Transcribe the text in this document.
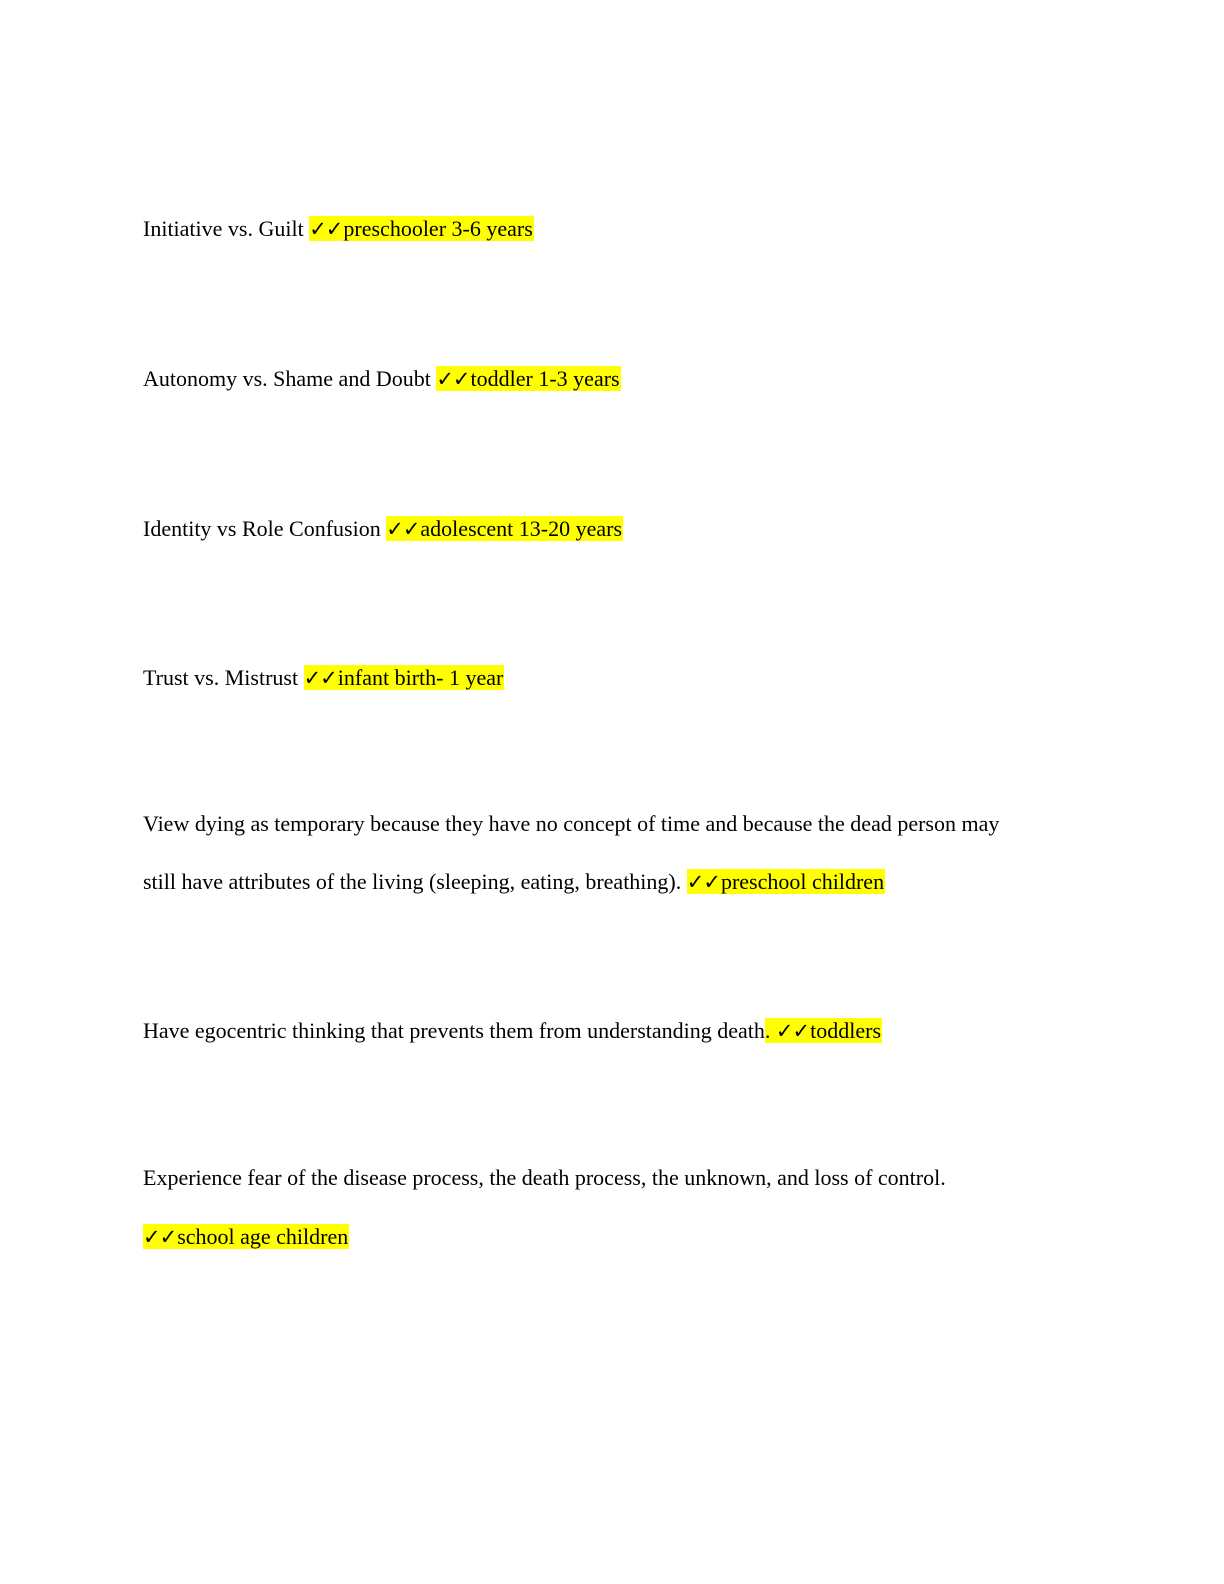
Initiative vs. Guilt ✓✓preschooler 3-6 years
Autonomy vs. Shame and Doubt ✓✓toddler 1-3 years
Identity vs Role Confusion ✓✓adolescent 13-20 years
Trust vs. Mistrust ✓✓infant birth- 1 year
View dying as temporary because they have no concept of time and because the dead person may
still have attributes of the living (sleeping, eating, breathing). ✓✓preschool children
Have egocentric thinking that prevents them from understanding death. ✓✓toddlers
Experience fear of the disease process, the death process, the unknown, and loss of control.
✓✓school age children
